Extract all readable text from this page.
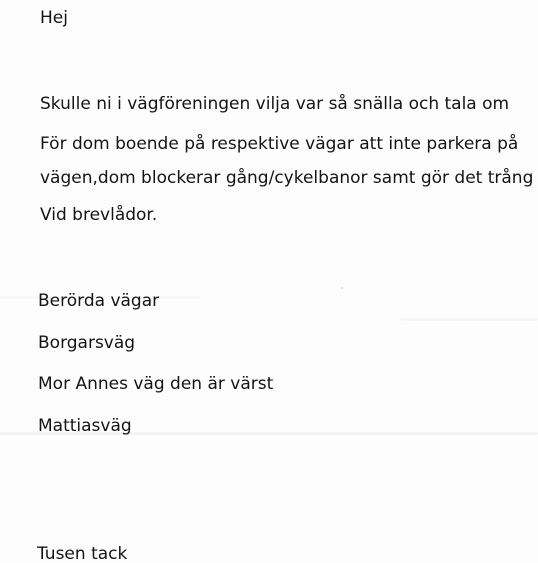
Hej

Skulle ni i vägföreningen vilja var så snälla och tala om

För dom boende på respektive vägar att inte parkera på

vägen,dom blockerar gång/cykelbanor samt gör det trång

Vid brevlådor.

Berörda vägar

Borgarsväg

Mor Annes väg den är värst

Mattiasväg

Tusen tack
